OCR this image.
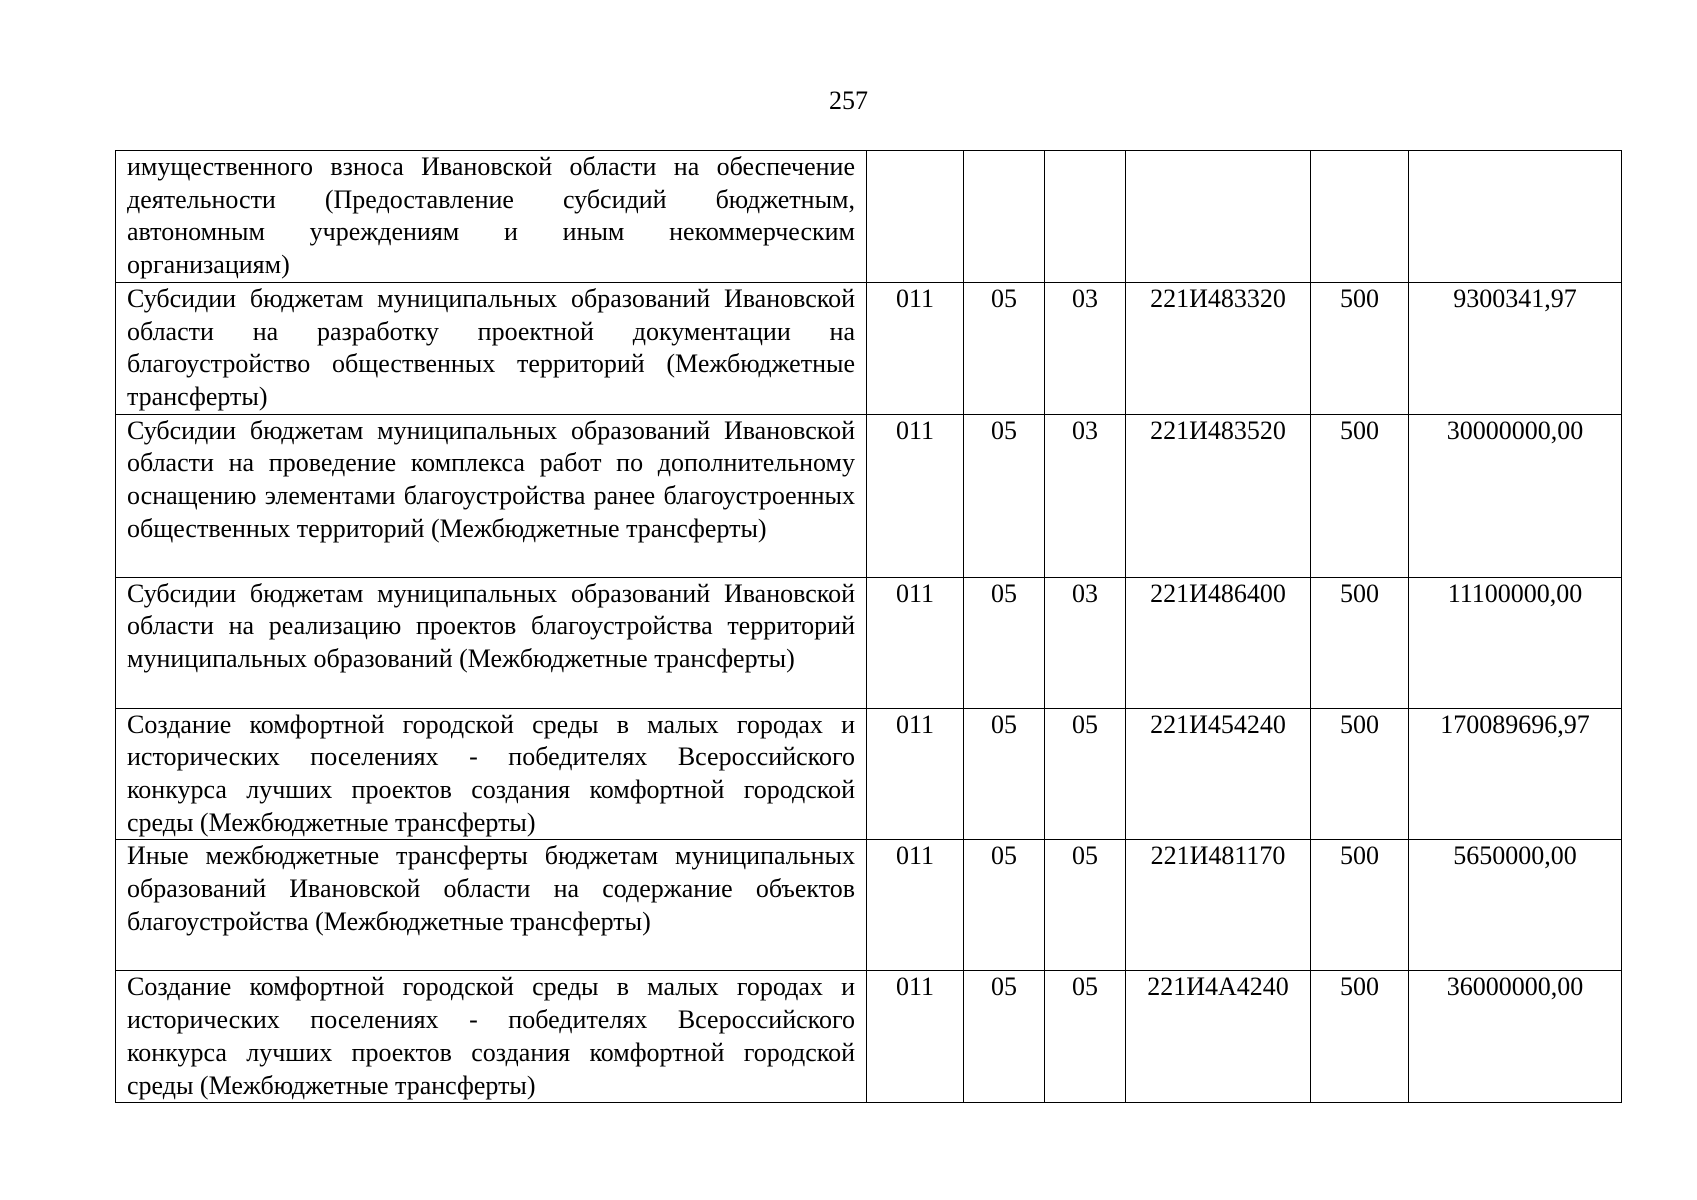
257
имущественного взноса Ивановской области на обеспечение деятельности (Предоставление субсидий бюджетным, автономным учреждениям и иным некоммерческим организациям)						
Субсидии бюджетам муниципальных образований Ивановской области на разработку проектной документации на благоустройство общественных территорий (Межбюджетные трансферты)	011	05	03	221И483320	500	9300341,97
Субсидии бюджетам муниципальных образований Ивановской области на проведение комплекса работ по дополнительному оснащению элементами благоустройства ранее благоустроенных общественных территорий (Межбюджетные трансферты)	011	05	03	221И483520	500	30000000,00
Субсидии бюджетам муниципальных образований Ивановской области на реализацию проектов благоустройства территорий муниципальных образований (Межбюджетные трансферты)	011	05	03	221И486400	500	11100000,00
Создание комфортной городской среды в малых городах и исторических поселениях - победителях Всероссийского конкурса лучших проектов создания комфортной городской среды (Межбюджетные трансферты)	011	05	05	221И454240	500	170089696,97
Иные межбюджетные трансферты бюджетам муниципальных образований Ивановской области на содержание объектов благоустройства (Межбюджетные трансферты)	011	05	05	221И481170	500	5650000,00
Создание комфортной городской среды в малых городах и исторических поселениях - победителях Всероссийского конкурса лучших проектов создания комфортной городской среды (Межбюджетные трансферты)	011	05	05	221И4А4240	500	36000000,00
